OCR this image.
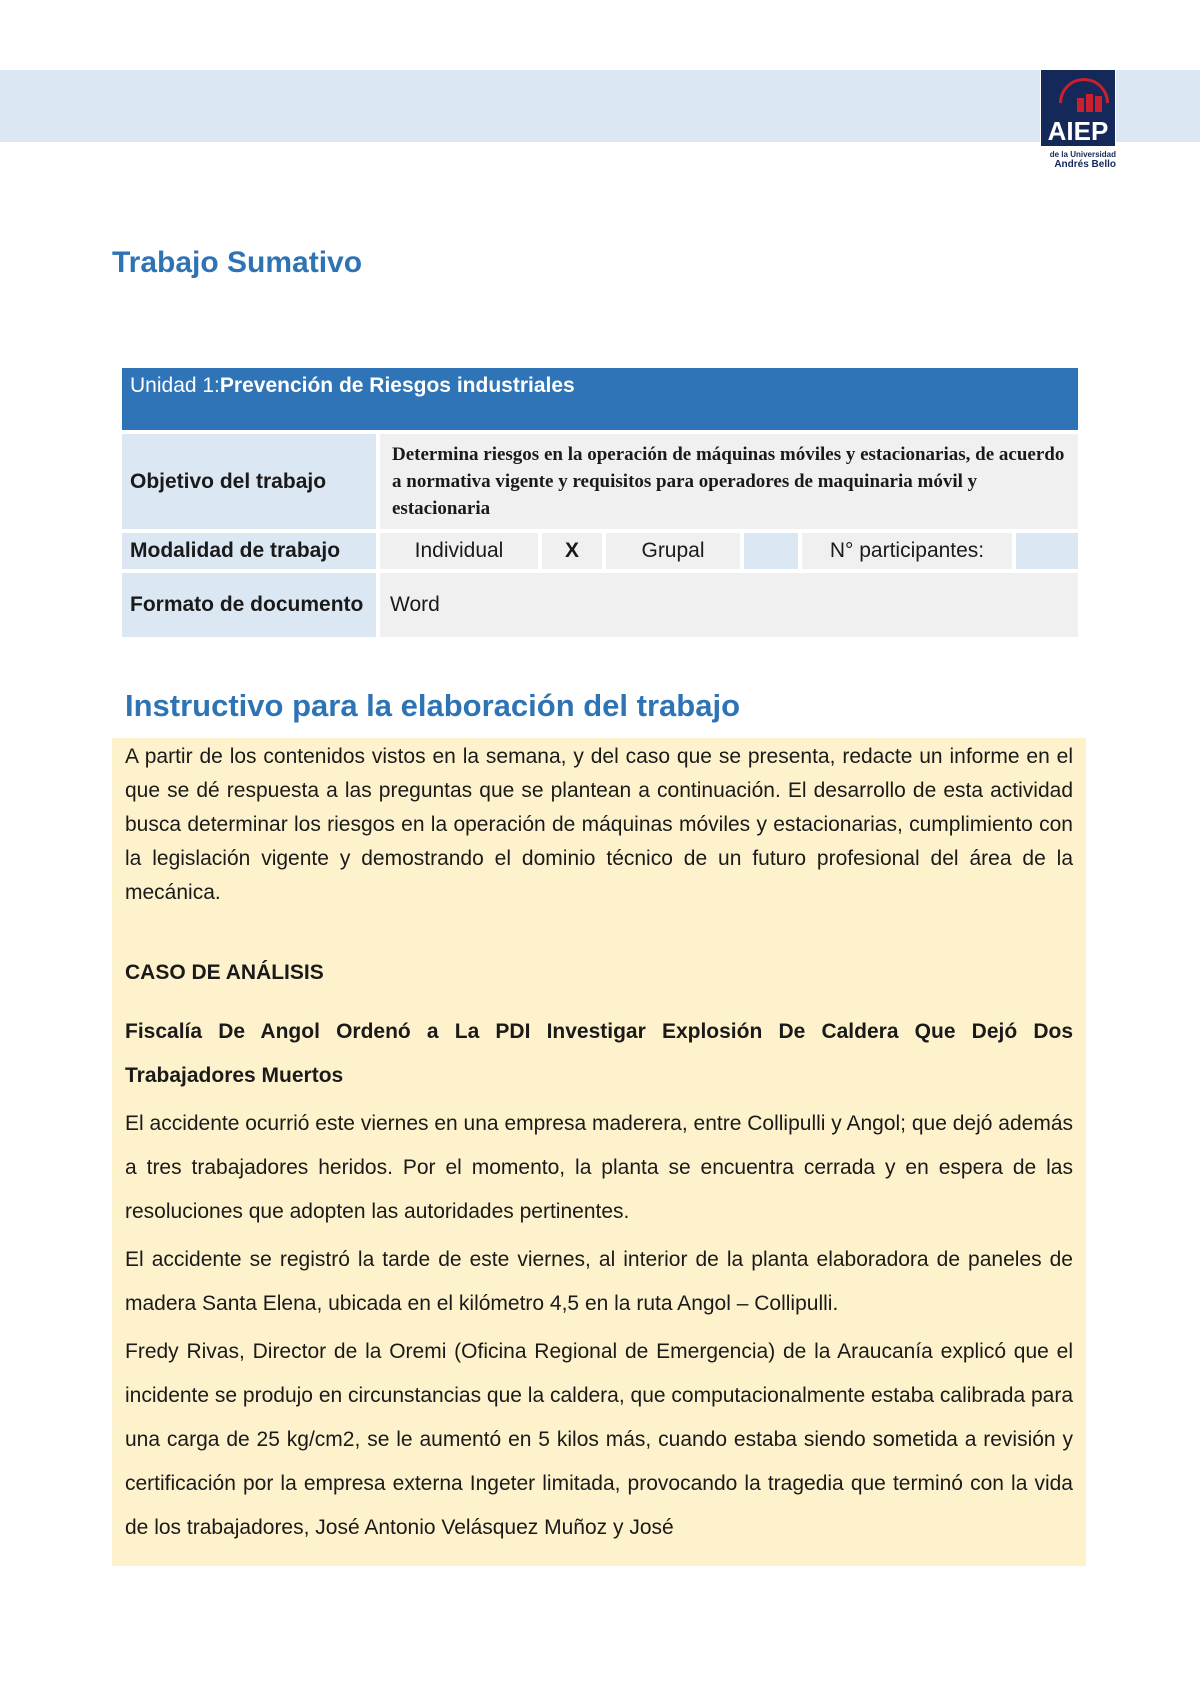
AIEP
de la Universidad
Andrés Bello
Trabajo Sumativo
Unidad 1:Prevención de Riesgos industriales						
Objetivo del trabajo	Determina riesgos en la operación de máquinas móviles y estacionarias, de acuerdo a normativa vigente y requisitos para operadores de maquinaria móvil y estacionaria					
Modalidad de trabajo	Individual	X	Grupal		N° participantes:	
Formato de documento	Word					
Instructivo para la elaboración del trabajo

A partir de los contenidos vistos en la semana, y del caso que se presenta, redacte un informe en el que se dé respuesta a las preguntas que se plantean a continuación. El desarrollo de esta actividad busca determinar los riesgos en la operación de máquinas móviles y estacionarias, cumplimiento con la legislación vigente y demostrando el dominio técnico de un futuro profesional del área de la mecánica.

CASO DE ANÁLISIS

Fiscalía De Angol Ordenó a La PDI Investigar Explosión De Caldera Que Dejó Dos Trabajadores Muertos

El accidente ocurrió este viernes en una empresa maderera, entre Collipulli y Angol; que dejó además a tres trabajadores heridos. Por el momento, la planta se encuentra cerrada y en espera de las resoluciones que adopten las autoridades pertinentes.

El accidente se registró la tarde de este viernes, al interior de la planta elaboradora de paneles de madera Santa Elena, ubicada en el kilómetro 4,5 en la ruta Angol – Collipulli.

Fredy Rivas, Director de la Oremi (Oficina Regional de Emergencia) de la Araucanía explicó que el incidente se produjo en circunstancias que la caldera, que computacionalmente estaba calibrada para una carga de 25 kg/cm2, se le aumentó en 5 kilos más, cuando estaba siendo sometida a revisión y certificación por la empresa externa Ingeter limitada, provocando la tragedia que terminó con la vida de los trabajadores, José Antonio Velásquez Muñoz y José
